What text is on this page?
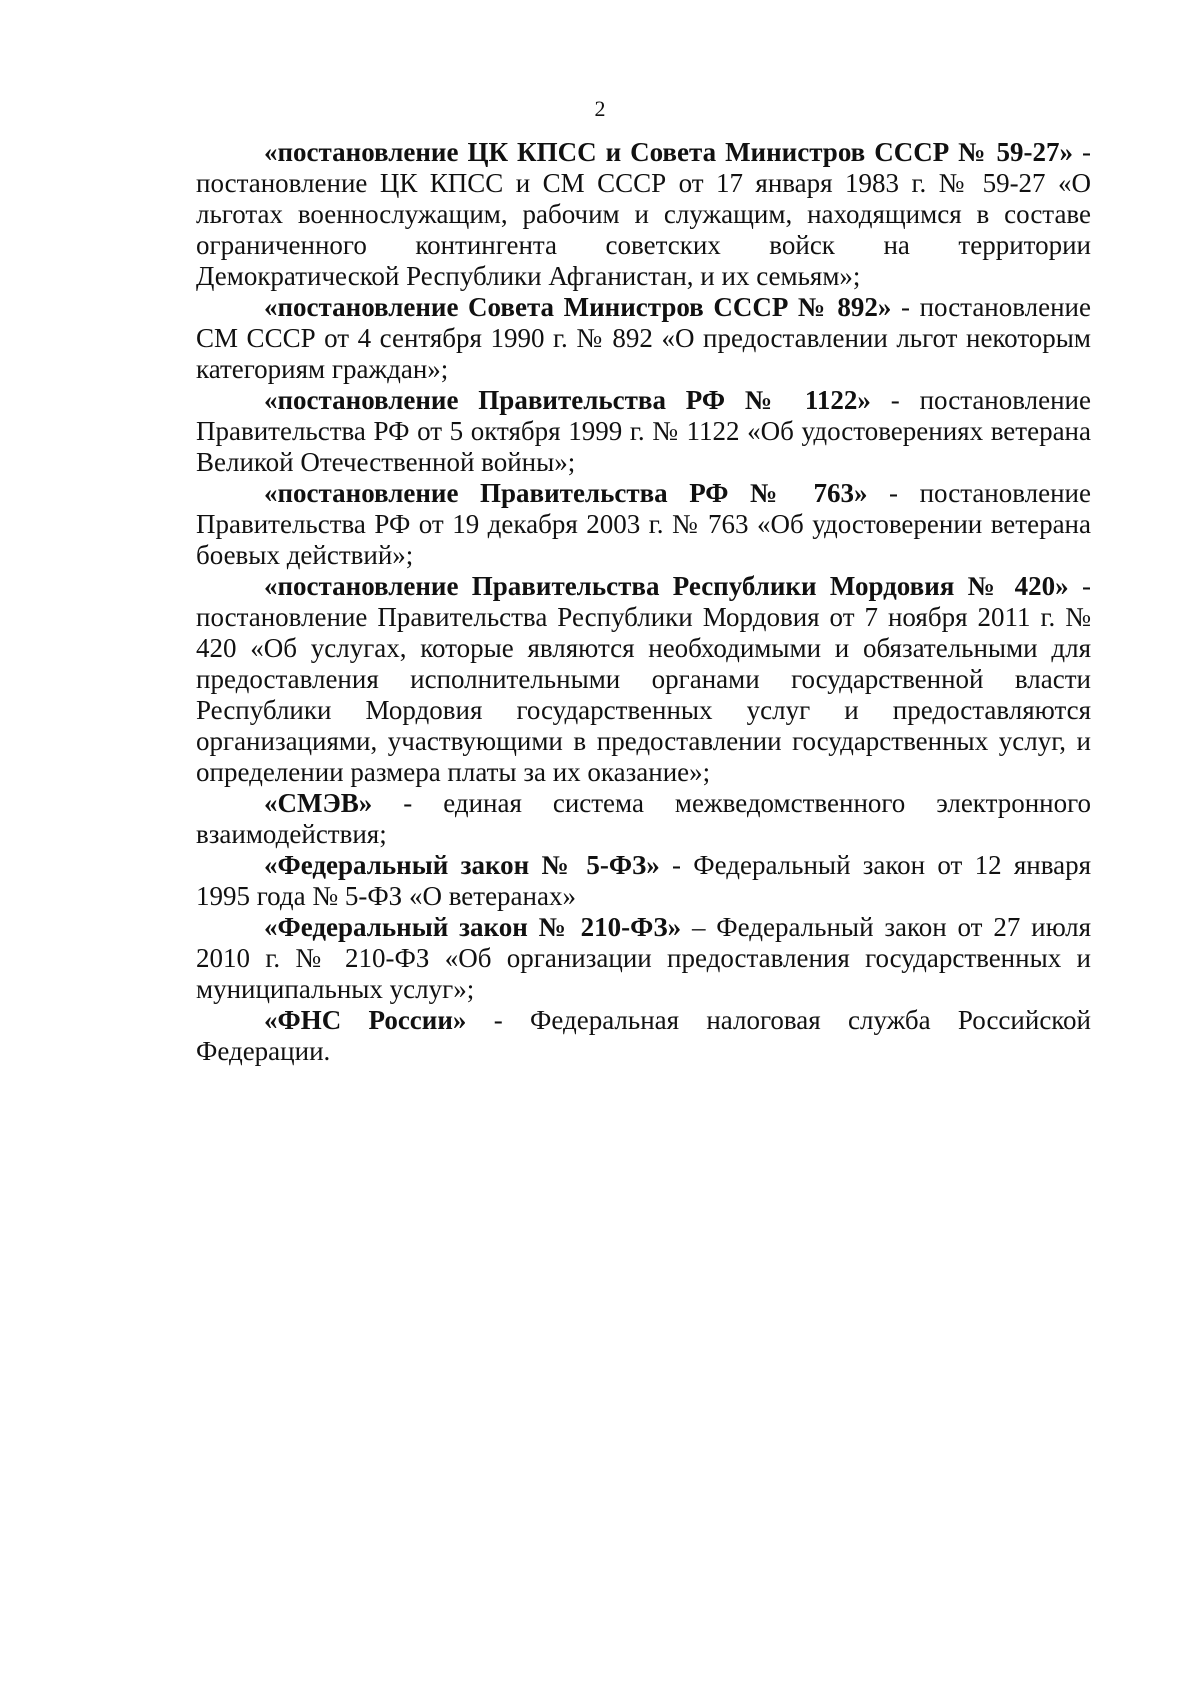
2

«постановление ЦК КПСС и Совета Министров СССР № 59-27» - постановление ЦК КПСС и СМ СССР от 17 января 1983 г. № 59-27 «О льготах военнослужащим, рабочим и служащим, находящимся в составе ограниченного контингента советских войск на территории Демократической Республики Афганистан, и их семьям»;

«постановление Совета Министров СССР № 892» - постановление СМ СССР от 4 сентября 1990 г. № 892 «О предоставлении льгот некоторым категориям граждан»;

«постановление Правительства РФ № 1122» - постановление Правительства РФ от 5 октября 1999 г. № 1122 «Об удостоверениях ветерана Великой Отечественной войны»;

«постановление Правительства РФ № 763» - постановление Правительства РФ от 19 декабря 2003 г. № 763 «Об удостоверении ветерана боевых действий»;

«постановление Правительства Республики Мордовия № 420» - постановление Правительства Республики Мордовия от 7 ноября 2011 г. № 420 «Об услугах, которые являются необходимыми и обязательными для предоставления исполнительными органами государственной власти Республики Мордовия государственных услуг и предоставляются организациями, участвующими в предоставлении государственных услуг, и определении размера платы за их оказание»;

«СМЭВ» - единая система межведомственного электронного взаимодействия;

«Федеральный закон № 5-ФЗ» - Федеральный закон от 12 января 1995 года № 5-ФЗ «О ветеранах»

«Федеральный закон № 210-ФЗ» – Федеральный закон от 27 июля 2010 г. № 210-ФЗ «Об организации предоставления государственных и муниципальных услуг»;

«ФНС России» - Федеральная налоговая служба Российской Федерации.
